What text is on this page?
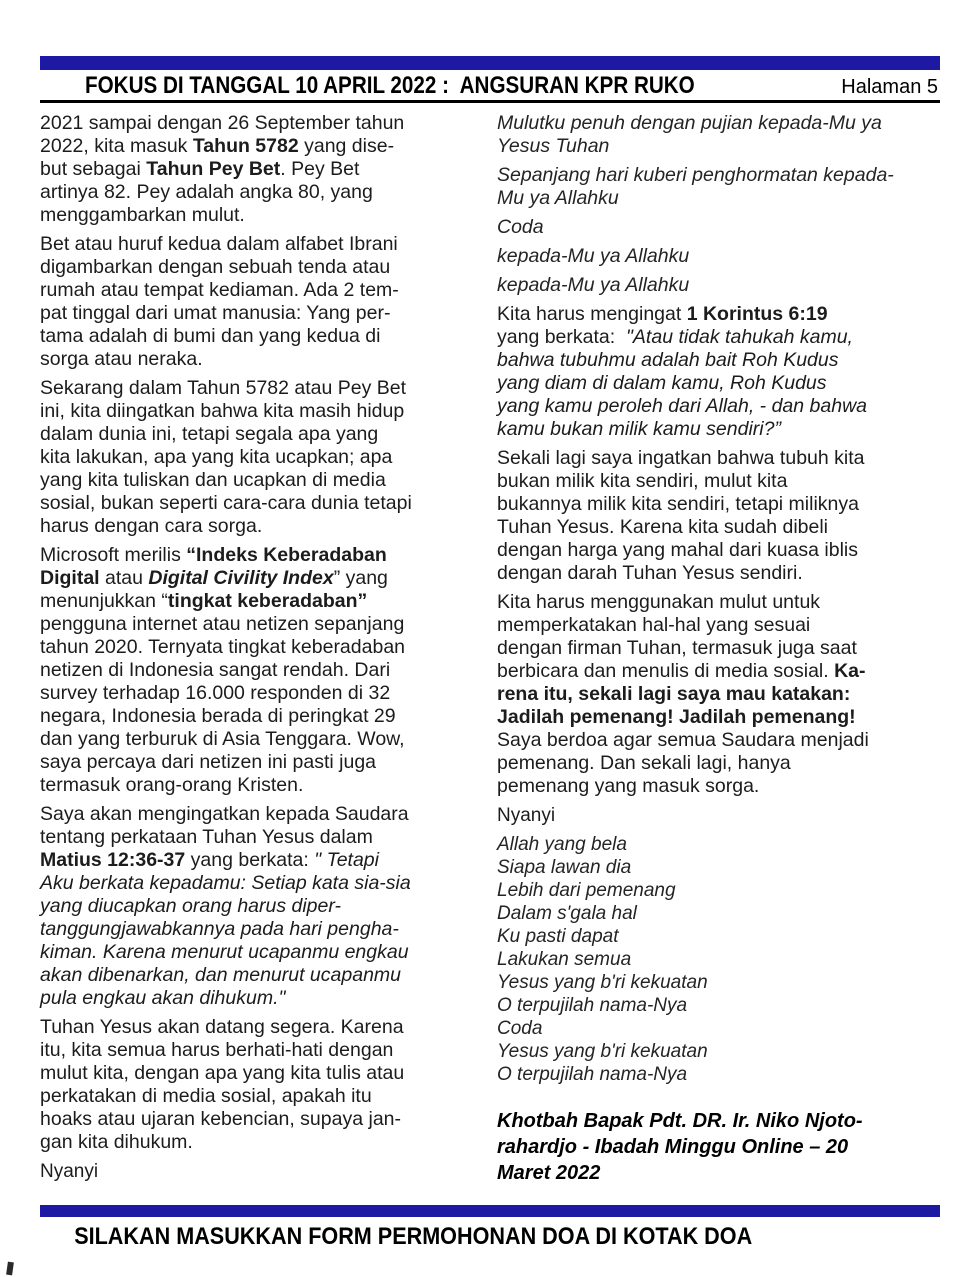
FOKUS DI TANGGAL 10 APRIL 2022 :  ANGSURAN KPR RUKO	Halaman 5
2021 sampai dengan 26 September tahun
2022, kita masuk Tahun 5782 yang dise-
but sebagai Tahun Pey Bet. Pey Bet
artinya 82. Pey adalah angka 80, yang
menggambarkan mulut.
Bet atau huruf kedua dalam alfabet Ibrani
digambarkan dengan sebuah tenda atau
rumah atau tempat kediaman. Ada 2 tem-
pat tinggal dari umat manusia: Yang per-
tama adalah di bumi dan yang kedua di
sorga atau neraka.
Sekarang dalam Tahun 5782 atau Pey Bet
ini, kita diingatkan bahwa kita masih hidup
dalam dunia ini, tetapi segala apa yang
kita lakukan, apa yang kita ucapkan; apa
yang kita tuliskan dan ucapkan di media
sosial, bukan seperti cara-cara dunia tetapi
harus dengan cara sorga.
Microsoft merilis “Indeks Keberadaban
Digital atau Digital Civility Index” yang
menunjukkan “tingkat keberadaban”
pengguna internet atau netizen sepanjang
tahun 2020. Ternyata tingkat keberadaban
netizen di Indonesia sangat rendah. Dari
survey terhadap 16.000 responden di 32
negara, Indonesia berada di peringkat 29
dan yang terburuk di Asia Tenggara. Wow,
saya percaya dari netizen ini pasti juga
termasuk orang-orang Kristen.
Saya akan mengingatkan kepada Saudara
tentang perkataan Tuhan Yesus dalam
Matius 12:36-37 yang berkata: " Tetapi
Aku berkata kepadamu: Setiap kata sia-sia
yang diucapkan orang harus diper-
tanggungjawabkannya pada hari pengha-
kiman. Karena menurut ucapanmu engkau
akan dibenarkan, dan menurut ucapanmu
pula engkau akan dihukum."
Tuhan Yesus akan datang segera. Karena
itu, kita semua harus berhati-hati dengan
mulut kita, dengan apa yang kita tulis atau
perkatakan di media sosial, apakah itu
hoaks atau ujaran kebencian, supaya jan-
gan kita dihukum.
Nyanyi
Mulutku penuh dengan pujian kepada-Mu ya
Yesus Tuhan
Sepanjang hari kuberi penghormatan kepada-
Mu ya Allahku
Coda
kepada-Mu ya Allahku
kepada-Mu ya Allahku
Kita harus mengingat 1 Korintus 6:19
yang berkata:  "Atau tidak tahukah kamu,
bahwa tubuhmu adalah bait Roh Kudus
yang diam di dalam kamu, Roh Kudus
yang kamu peroleh dari Allah, - dan bahwa
kamu bukan milik kamu sendiri?”
Sekali lagi saya ingatkan bahwa tubuh kita
bukan milik kita sendiri, mulut kita
bukannya milik kita sendiri, tetapi miliknya
Tuhan Yesus. Karena kita sudah dibeli
dengan harga yang mahal dari kuasa iblis
dengan darah Tuhan Yesus sendiri.
Kita harus menggunakan mulut untuk
memperkatakan hal-hal yang sesuai
dengan firman Tuhan, termasuk juga saat
berbicara dan menulis di media sosial. Ka-
rena itu, sekali lagi saya mau katakan:
Jadilah pemenang! Jadilah pemenang!
Saya berdoa agar semua Saudara menjadi
pemenang. Dan sekali lagi, hanya
pemenang yang masuk sorga.
Nyanyi
Allah yang bela
Siapa lawan dia
Lebih dari pemenang
Dalam s'gala hal
Ku pasti dapat
Lakukan semua
Yesus yang b'ri kekuatan
O terpujilah nama-Nya
Coda
Yesus yang b'ri kekuatan
O terpujilah nama-Nya
Khotbah Bapak Pdt. DR. Ir. Niko Njoto-
rahardjo - Ibadah Minggu Online – 20
Maret 2022
SILAKAN MASUKKAN FORM PERMOHONAN DOA DI KOTAK DOA
